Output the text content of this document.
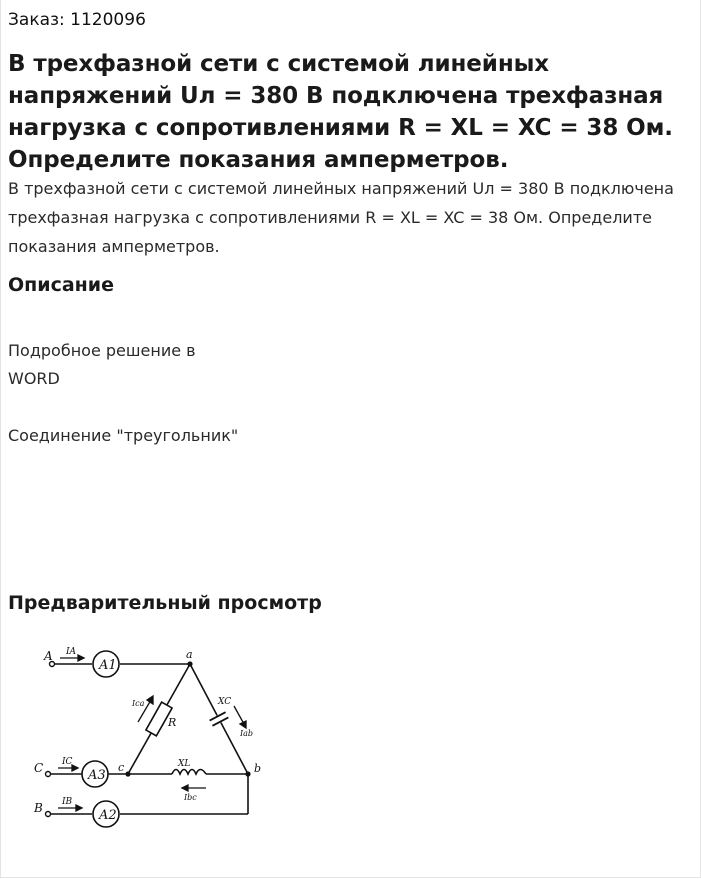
Заказ: 1120096
В трехфазной сети с системой линейных напряжений Uл = 380 В подключена трехфазная нагрузка с сопротивлениями R = XL = XC = 38 Ом. Определите показания амперметров.
В трехфазной сети с системой линейных напряжений Uл = 380 В подключена трехфазная нагрузка с сопротивлениями R = XL = XC = 38 Ом. Определите показания амперметров.
Описание
Подробное решение в
WORD
Соединение "треугольник"
Предварительный просмотр
A1
A3
A2
A
C
B
IA
IC
IB
a
c	b
Ica
R
XC
Iab
XL
Ibc
